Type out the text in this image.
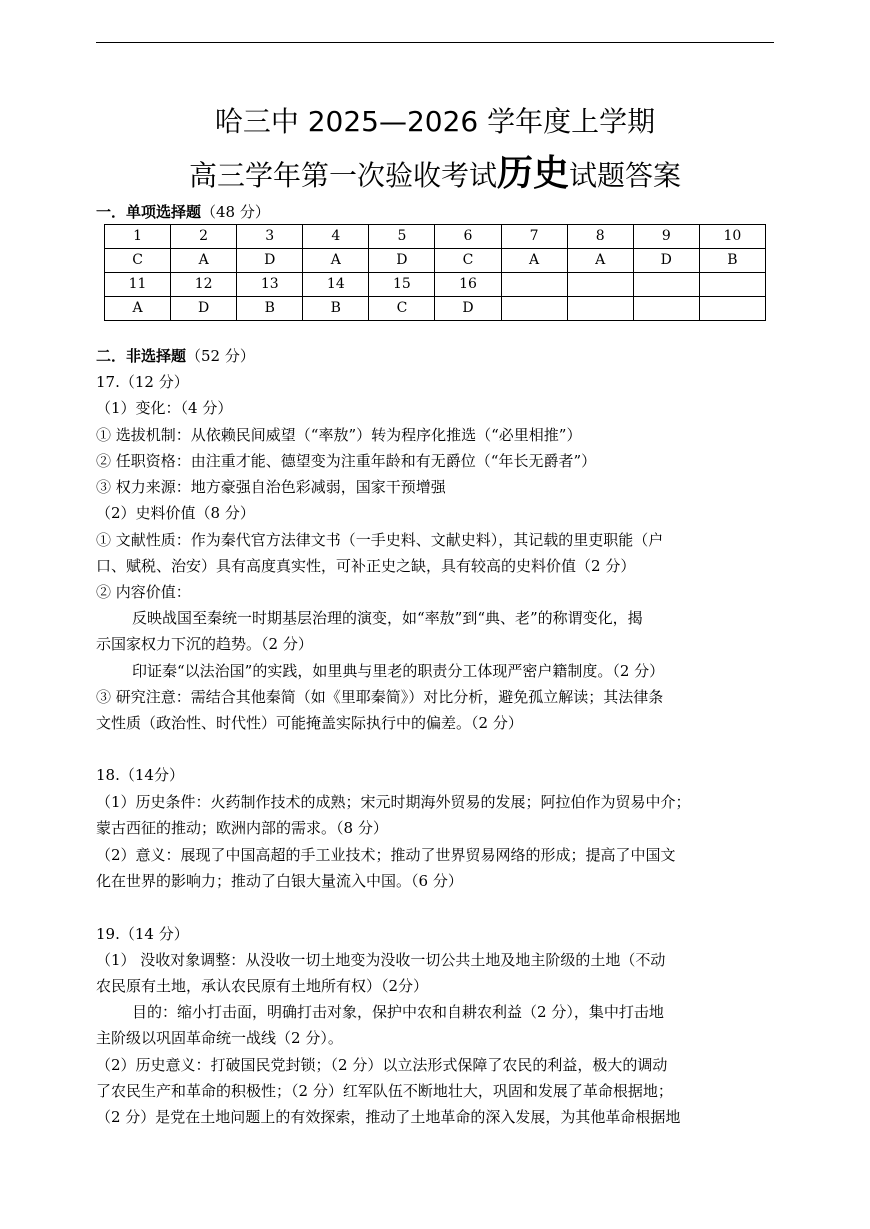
哈三中 2025—2026 学年度上学期
高三学年第一次验收考试历史试题答案
一．单项选择题（48 分）
1	2	3	4	5	6	7	8	9	10
C	A	D	A	D	C	A	A	D	B
11	12	13	14	15	16				
A	D	B	B	C	D				
二．非选择题（52 分）
17.（12 分）
（1）变化：（4 分）
① 选拔机制：从依赖民间威望（“率敖”）转为程序化推选（“必里相推”）
② 任职资格：由注重才能、德望变为注重年龄和有无爵位（“年长无爵者”）
③ 权力来源：地方豪强自治色彩减弱，国家干预增强
（2）史料价值（8 分）
① 文献性质：作为秦代官方法律文书（一手史料、文献史料），其记载的里吏职能（户
口、赋税、治安）具有高度真实性，可补正史之缺，具有较高的史料价值（2 分）
② 内容价值：
反映战国至秦统一时期基层治理的演变，如“率敖”到“典、老”的称谓变化，揭
示国家权力下沉的趋势。（2 分）
印证秦“以法治国”的实践，如里典与里老的职责分工体现严密户籍制度。（2 分）
③ 研究注意：需结合其他秦简（如《里耶秦简》）对比分析，避免孤立解读；其法律条
文性质（政治性、时代性）可能掩盖实际执行中的偏差。（2 分）
18.（14分）
（1）历史条件：火药制作技术的成熟；宋元时期海外贸易的发展；阿拉伯作为贸易中介；
蒙古西征的推动；欧洲内部的需求。（8 分）
（2）意义：展现了中国高超的手工业技术；推动了世界贸易网络的形成；提高了中国文
化在世界的影响力；推动了白银大量流入中国。（6 分）
19.（14 分）
（1） 没收对象调整：从没收一切土地变为没收一切公共土地及地主阶级的土地（不动
农民原有土地，承认农民原有土地所有权）（2分）
目的：缩小打击面，明确打击对象，保护中农和自耕农利益（2 分），集中打击地
主阶级以巩固革命统一战线（2 分）。
（2）历史意义：打破国民党封锁；（2 分）以立法形式保障了农民的利益，极大的调动
了农民生产和革命的积极性；（2 分）红军队伍不断地壮大，巩固和发展了革命根据地；
（2 分）是党在土地问题上的有效探索，推动了土地革命的深入发展，为其他革命根据地
